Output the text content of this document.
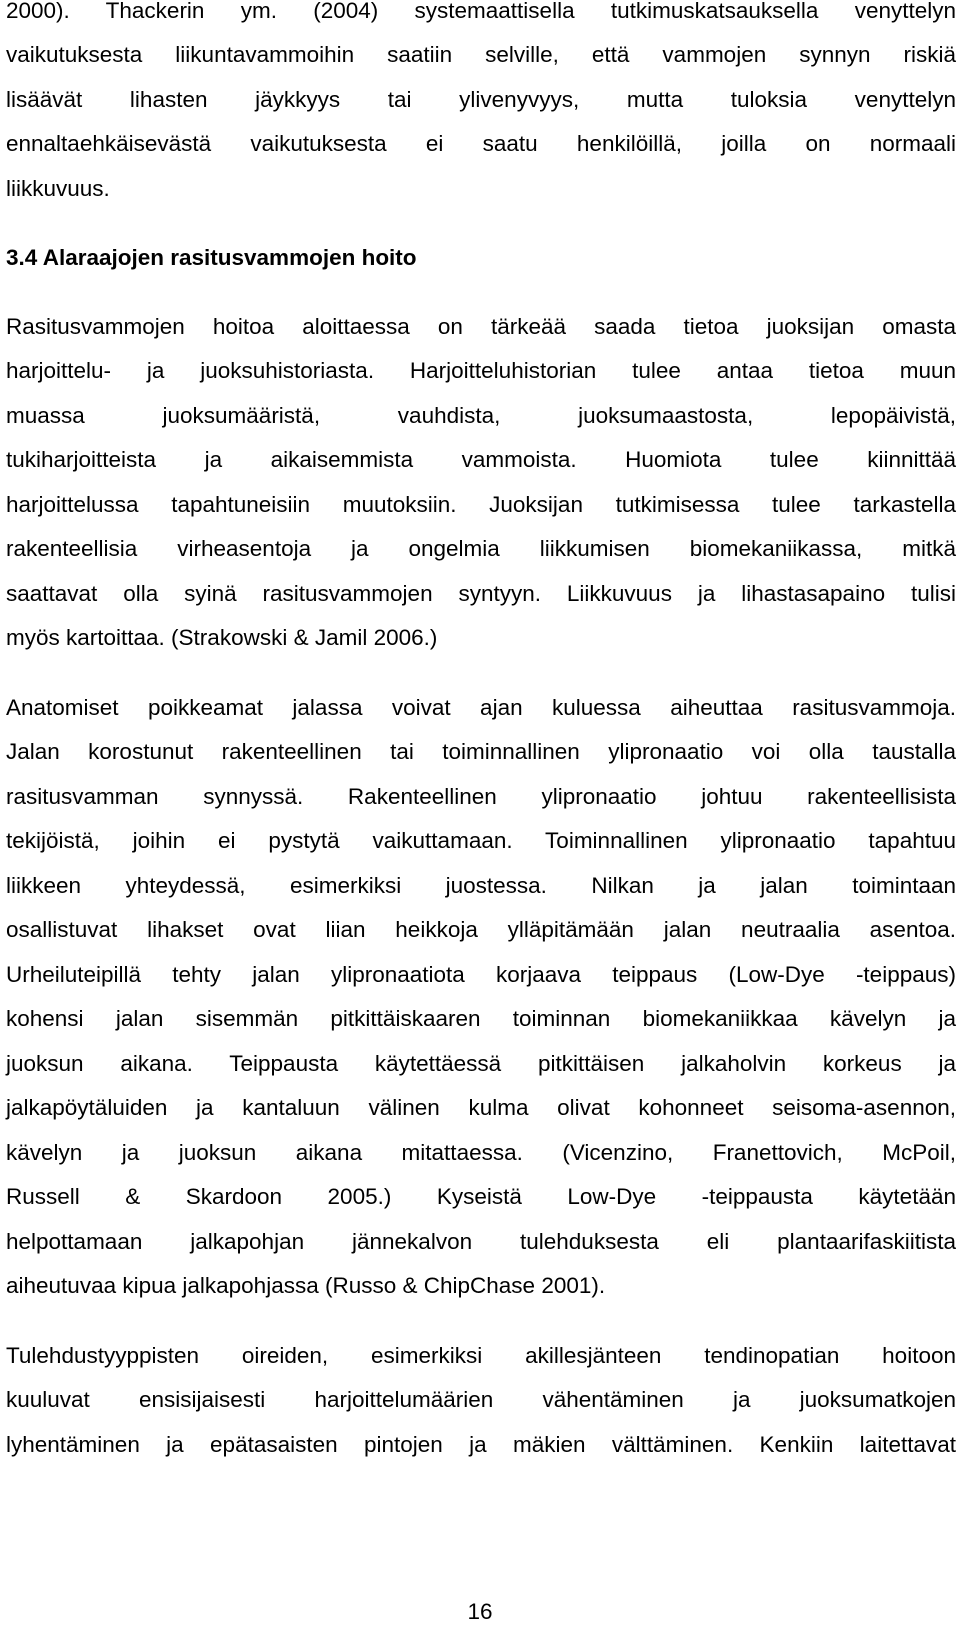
2000). Thackerin ym. (2004) systemaattisella tutkimuskatsauksella venyttelyn

vaikutuksesta liikuntavammoihin saatiin selville, että vammojen synnyn riskiä

lisäävät lihasten jäykkyys tai ylivenyvyys, mutta tuloksia venyttelyn

ennaltaehkäisevästä vaikutuksesta ei saatu henkilöillä, joilla on normaali

liikkuvuus.

3.4 Alaraajojen rasitusvammojen hoito

Rasitusvammojen hoitoa aloittaessa on tärkeää saada tietoa juoksijan omasta

harjoittelu- ja juoksuhistoriasta. Harjoitteluhistorian tulee antaa tietoa muun

muassa juoksumääristä, vauhdista, juoksumaastosta, lepopäivistä,

tukiharjoitteista ja aikaisemmista vammoista. Huomiota tulee kiinnittää

harjoittelussa tapahtuneisiin muutoksiin. Juoksijan tutkimisessa tulee tarkastella

rakenteellisia virheasentoja ja ongelmia liikkumisen biomekaniikassa, mitkä

saattavat olla syinä rasitusvammojen syntyyn. Liikkuvuus ja lihastasapaino tulisi

myös kartoittaa. (Strakowski & Jamil 2006.)

Anatomiset poikkeamat jalassa voivat ajan kuluessa aiheuttaa rasitusvammoja.

Jalan korostunut rakenteellinen tai toiminnallinen ylipronaatio voi olla taustalla

rasitusvamman synnyssä. Rakenteellinen ylipronaatio johtuu rakenteellisista

tekijöistä, joihin ei pystytä vaikuttamaan. Toiminnallinen ylipronaatio tapahtuu

liikkeen yhteydessä, esimerkiksi juostessa. Nilkan ja jalan toimintaan

osallistuvat lihakset ovat liian heikkoja ylläpitämään jalan neutraalia asentoa.

Urheiluteipillä tehty jalan ylipronaatiota korjaava teippaus (Low-Dye -teippaus)

kohensi jalan sisemmän pitkittäiskaaren toiminnan biomekaniikkaa kävelyn ja

juoksun aikana. Teippausta käytettäessä pitkittäisen jalkaholvin korkeus ja

jalkapöytäluiden ja kantaluun välinen kulma olivat kohonneet seisoma-asennon,

kävelyn ja juoksun aikana mitattaessa. (Vicenzino, Franettovich, McPoil,

Russell & Skardoon 2005.) Kyseistä Low-Dye -teippausta käytetään

helpottamaan jalkapohjan jännekalvon tulehduksesta eli plantaarifaskiitista

aiheutuvaa kipua jalkapohjassa (Russo & ChipChase 2001).

Tulehdustyyppisten oireiden, esimerkiksi akillesjänteen tendinopatian hoitoon

kuuluvat ensisijaisesti harjoittelumäärien vähentäminen ja juoksumatkojen

lyhentäminen ja epätasaisten pintojen ja mäkien välttäminen. Kenkiin laitettavat

16
